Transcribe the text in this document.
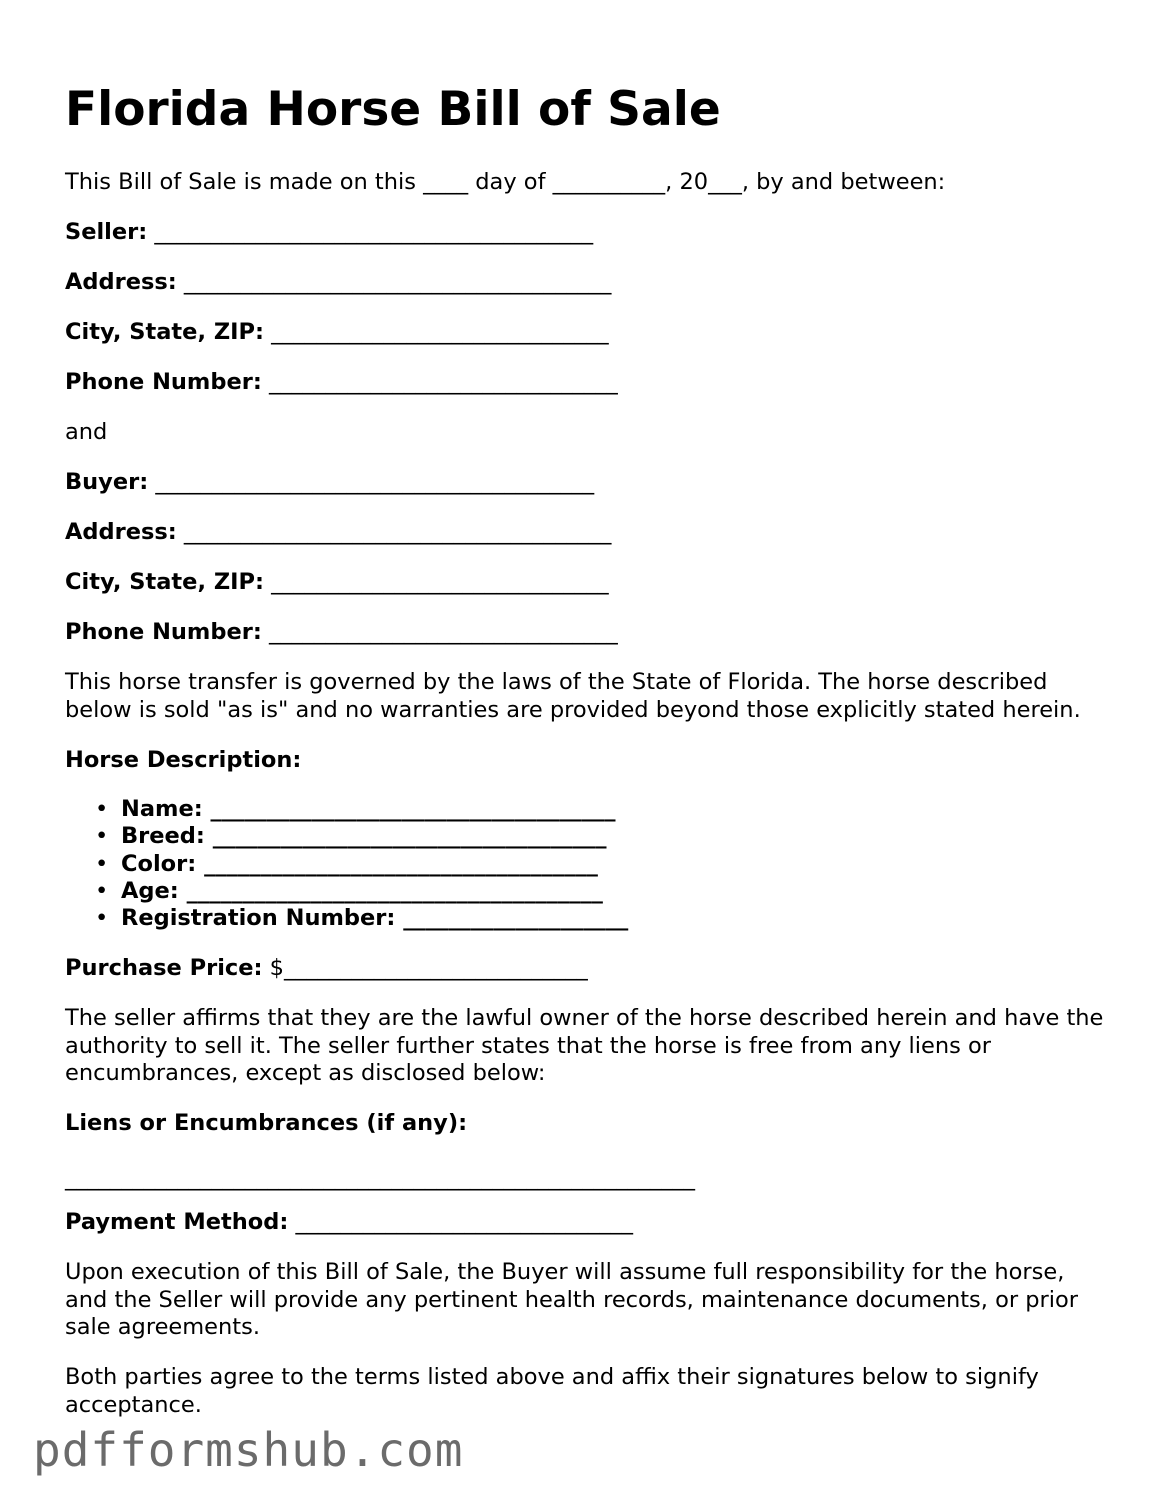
Florida Horse Bill of Sale

This Bill of Sale is made on this ____ day of __________, 20___, by and between:

Seller: _______________________________________

Address: ______________________________________

City, State, ZIP: ______________________________

Phone Number: _______________________________

and

Buyer: _______________________________________

Address: ______________________________________

City, State, ZIP: ______________________________

Phone Number: _______________________________

This horse transfer is governed by the laws of the State of Florida. The horse described below is sold "as is" and no warranties are provided beyond those explicitly stated herein.

Horse Description:

• Name: ____________________________________
• Breed: ___________________________________
• Color: ___________________________________
• Age: _____________________________________
• Registration Number: ____________________

Purchase Price: $___________________________

The seller affirms that they are the lawful owner of the horse described herein and have the authority to sell it. The seller further states that the horse is free from any liens or encumbrances, except as disclosed below:

Liens or Encumbrances (if any):

________________________________________________________

Payment Method: ______________________________

Upon execution of this Bill of Sale, the Buyer will assume full responsibility for the horse, and the Seller will provide any pertinent health records, maintenance documents, or prior sale agreements.

Both parties agree to the terms listed above and affix their signatures below to signify acceptance.

pdfformshub.com
